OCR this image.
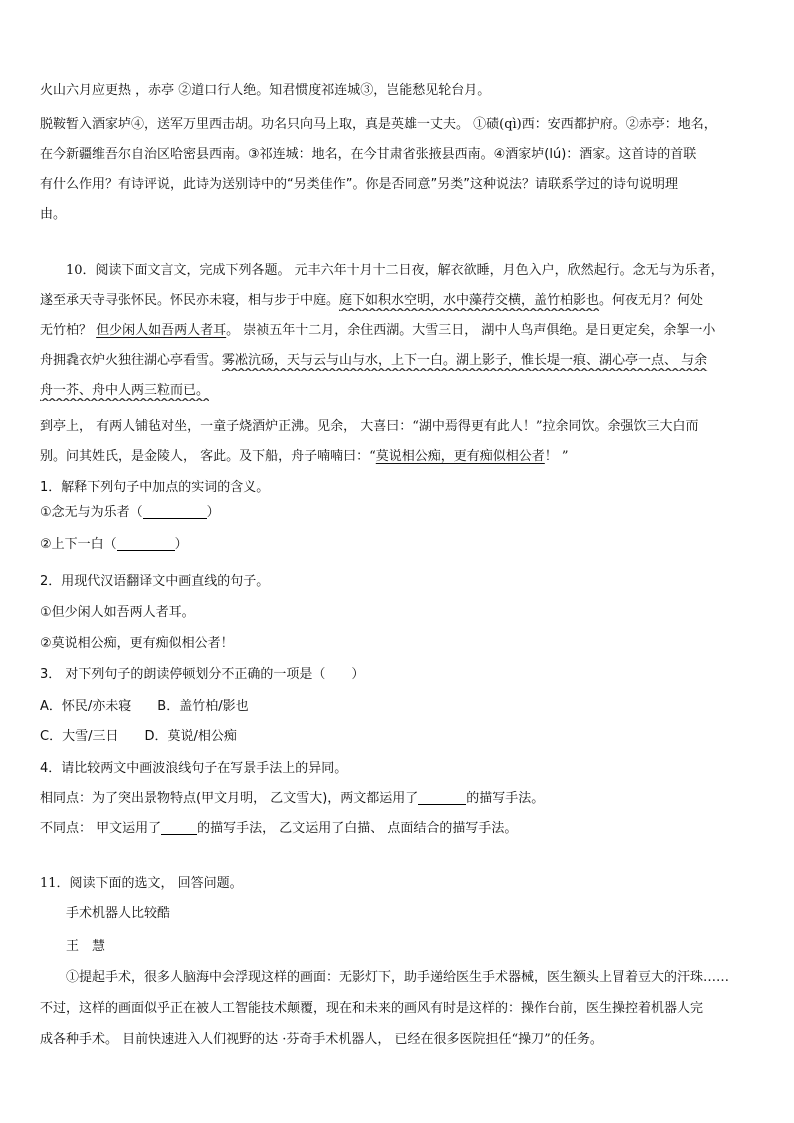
火山六月应更热 ，赤亭 ②道口行人绝。知君惯度祁连城③，岂能愁见轮台月。
脱鞍暂入酒家垆④，送军万里西击胡。功名只向马上取，真是英雄一丈夫。 ①碛(qì)西：安西都护府。②赤亭：地名，
在今新疆维吾尔自治区哈密县西南。③祁连城：地名，在今甘肃省张掖县西南。④酒家垆(lú)：酒家。这首诗的首联
有什么作用？有诗评说，此诗为送别诗中的“另类佳作”。你是否同意”另类”这种说法？请联系学过的诗句说明理
由。
10．阅读下面文言文，完成下列各题。 元丰六年十月十二日夜，解衣欲睡，月色入户，欣然起行。念无与为乐者，
遂至承天寺寻张怀民。怀民亦未寝，相与步于中庭。庭下如积水空明，水中藻荇交横，盖竹柏影也。何夜无月？何处
无竹柏？ 但少闲人如吾两人者耳。 崇祯五年十二月，余住西湖。大雪三日， 湖中人鸟声俱绝。是日更定矣，余挐一小
舟拥毳衣炉火独往湖心亭看雪。雾凇沆砀，天与云与山与水，上下一白。湖上影子，惟长堤一痕、湖心亭一点、 与余
舟一芥、舟中人两三粒而已。
到亭上， 有两人铺毡对坐，一童子烧酒炉正沸。见余， 大喜曰：“湖中焉得更有此人！”拉余同饮。余强饮三大白而
别。问其姓氏，是金陵人， 客此。及下船，舟子喃喃曰：“莫说相公痴，更有痴似相公者！ ”
1．解释下列句子中加点的实词的含义。
①念无与为乐者（	）
②上下一白（	）
2．用现代汉语翻译文中画直线的句子。
①但少闲人如吾两人者耳。
②莫说相公痴，更有痴似相公者！
3． 对下列句子的朗读停顿划分不正确的一项是（　　）
A．怀民/亦未寝　　B．盖竹柏/影也
C．大雪/三日　　D．莫说/相公痴
4．请比较两文中画波浪线句子在写景手法上的异同。
相同点：为了突出景物特点(甲文月明， 乙文雪大)，两文都运用了	的描写手法。
不同点： 甲文运用了	的描写手法， 乙文运用了白描、 点面结合的描写手法。
11．阅读下面的选文， 回答问题。
手术机器人比较酷
王　慧
①提起手术，很多人脑海中会浮现这样的画面：无影灯下，助手递给医生手术器械，医生额头上冒着豆大的汗珠……
不过，这样的画面似乎正在被人工智能技术颠覆，现在和未来的画风有时是这样的：操作台前，医生操控着机器人完
成各种手术。 目前快速进入人们视野的达 ·芬奇手术机器人， 已经在很多医院担任“操刀”的任务。
